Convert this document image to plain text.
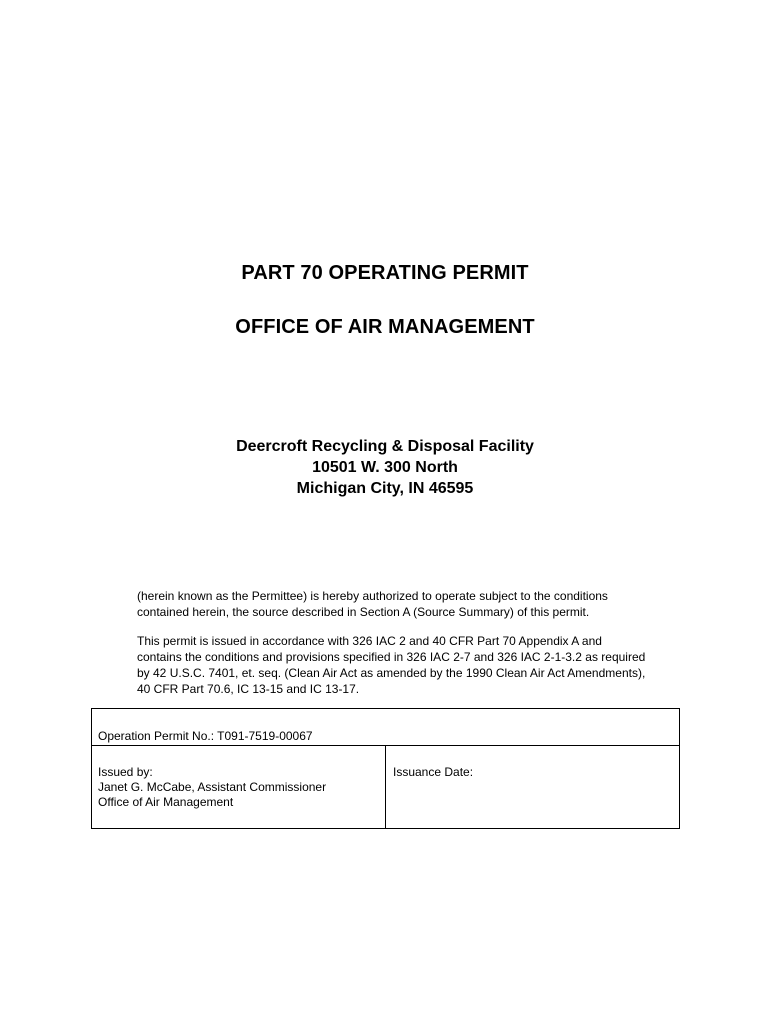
PART 70 OPERATING PERMIT
OFFICE OF AIR MANAGEMENT
Deercroft Recycling & Disposal Facility
10501 W. 300 North
Michigan City, IN 46595

(herein known as the Permittee) is hereby authorized to operate subject to the conditions
contained herein, the source described in Section A (Source Summary) of this permit.

This permit is issued in accordance with 326 IAC 2 and 40 CFR Part 70 Appendix A and
contains the conditions and provisions specified in 326 IAC 2-7 and 326 IAC 2-1-3.2 as required
by 42 U.S.C. 7401, et. seq. (Clean Air Act as amended by the 1990 Clean Air Act Amendments),
40 CFR Part 70.6, IC 13-15 and IC 13-17.

Operation Permit No.: T091-7519-00067
Issued by:
Janet G. McCabe, Assistant Commissioner
Office of Air Management
Issuance Date:
